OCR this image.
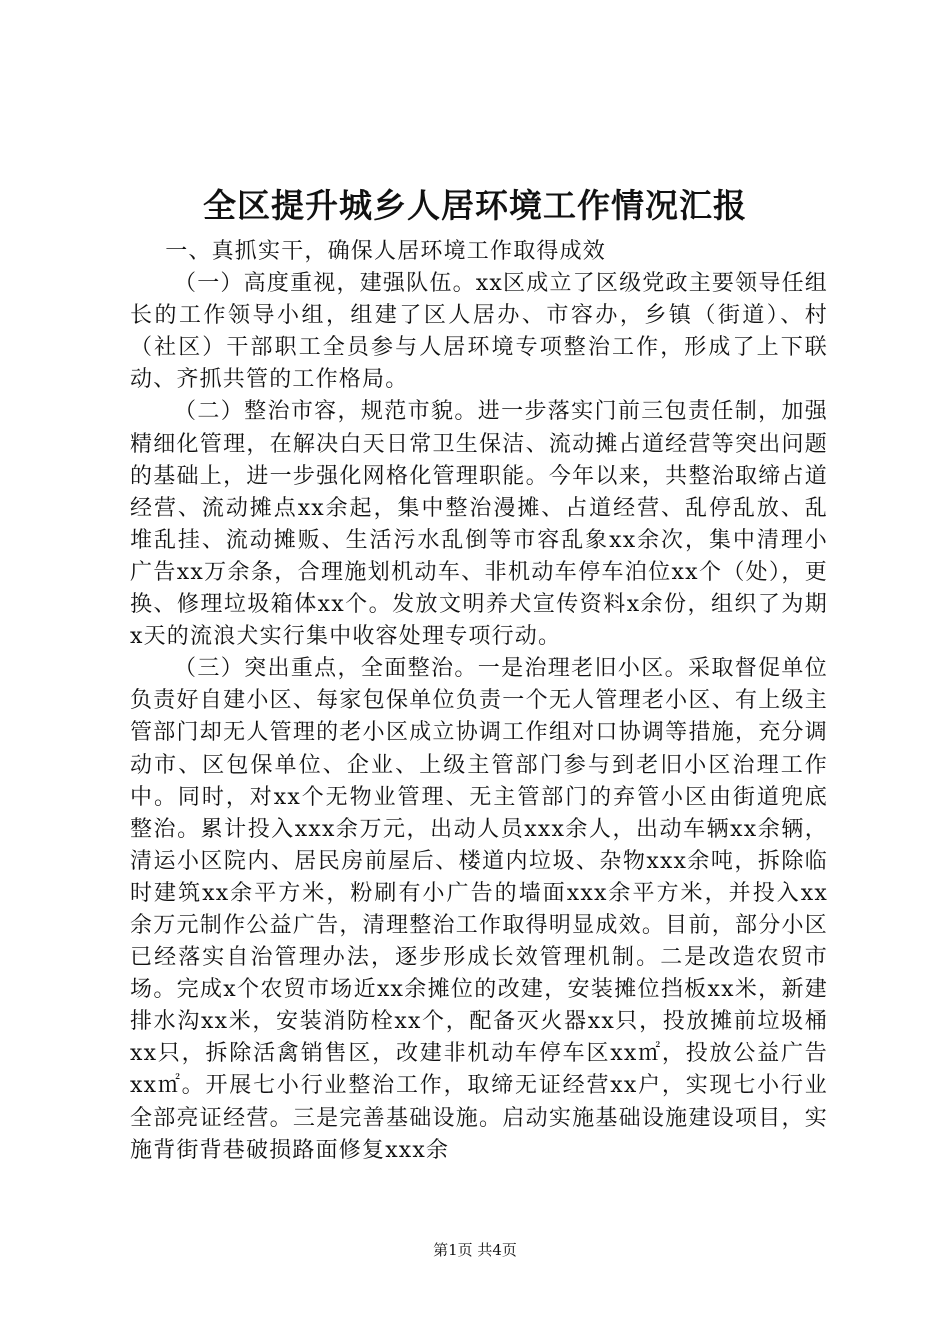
全区提升城乡人居环境工作情况汇报

一、真抓实干，确保人居环境工作取得成效

（一）高度重视，建强队伍。xx区成立了区级党政主要领导任组长的工作领导小组，组建了区人居办、市容办，乡镇（街道）、村（社区）干部职工全员参与人居环境专项整治工作，形成了上下联动、齐抓共管的工作格局。

（二）整治市容，规范市貌。进一步落实门前三包责任制，加强精细化管理，在解决白天日常卫生保洁、流动摊占道经营等突出问题的基础上，进一步强化网格化管理职能。今年以来，共整治取缔占道经营、流动摊点xx余起，集中整治漫摊、占道经营、乱停乱放、乱堆乱挂、流动摊贩、生活污水乱倒等市容乱象xx余次，集中清理小广告xx万余条，合理施划机动车、非机动车停车泊位xx个（处），更换、修理垃圾箱体xx个。发放文明养犬宣传资料x余份，组织了为期x天的流浪犬实行集中收容处理专项行动。

（三）突出重点，全面整治。一是治理老旧小区。采取督促单位负责好自建小区、每家包保单位负责一个无人管理老小区、有上级主管部门却无人管理的老小区成立协调工作组对口协调等措施，充分调动市、区包保单位、企业、上级主管部门参与到老旧小区治理工作中。同时，对xx个无物业管理、无主管部门的弃管小区由街道兜底整治。累计投入xxx余万元，出动人员xxx余人，出动车辆xx余辆，清运小区院内、居民房前屋后、楼道内垃圾、杂物xxx余吨，拆除临时建筑xx余平方米，粉刷有小广告的墙面xxx余平方米，并投入xx余万元制作公益广告，清理整治工作取得明显成效。目前，部分小区已经落实自治管理办法，逐步形成长效管理机制。二是改造农贸市场。完成x个农贸市场近xx余摊位的改建，安装摊位挡板xx米，新建排水沟xx米，安装消防栓xx个，配备灭火器xx只，投放摊前垃圾桶xx只，拆除活禽销售区，改建非机动车停车区xx㎡，投放公益广告xx㎡。开展七小行业整治工作，取缔无证经营xx户，实现七小行业全部亮证经营。三是完善基础设施。启动实施基础设施建设项目，实施背街背巷破损路面修复xxx余

第1页 共4页
